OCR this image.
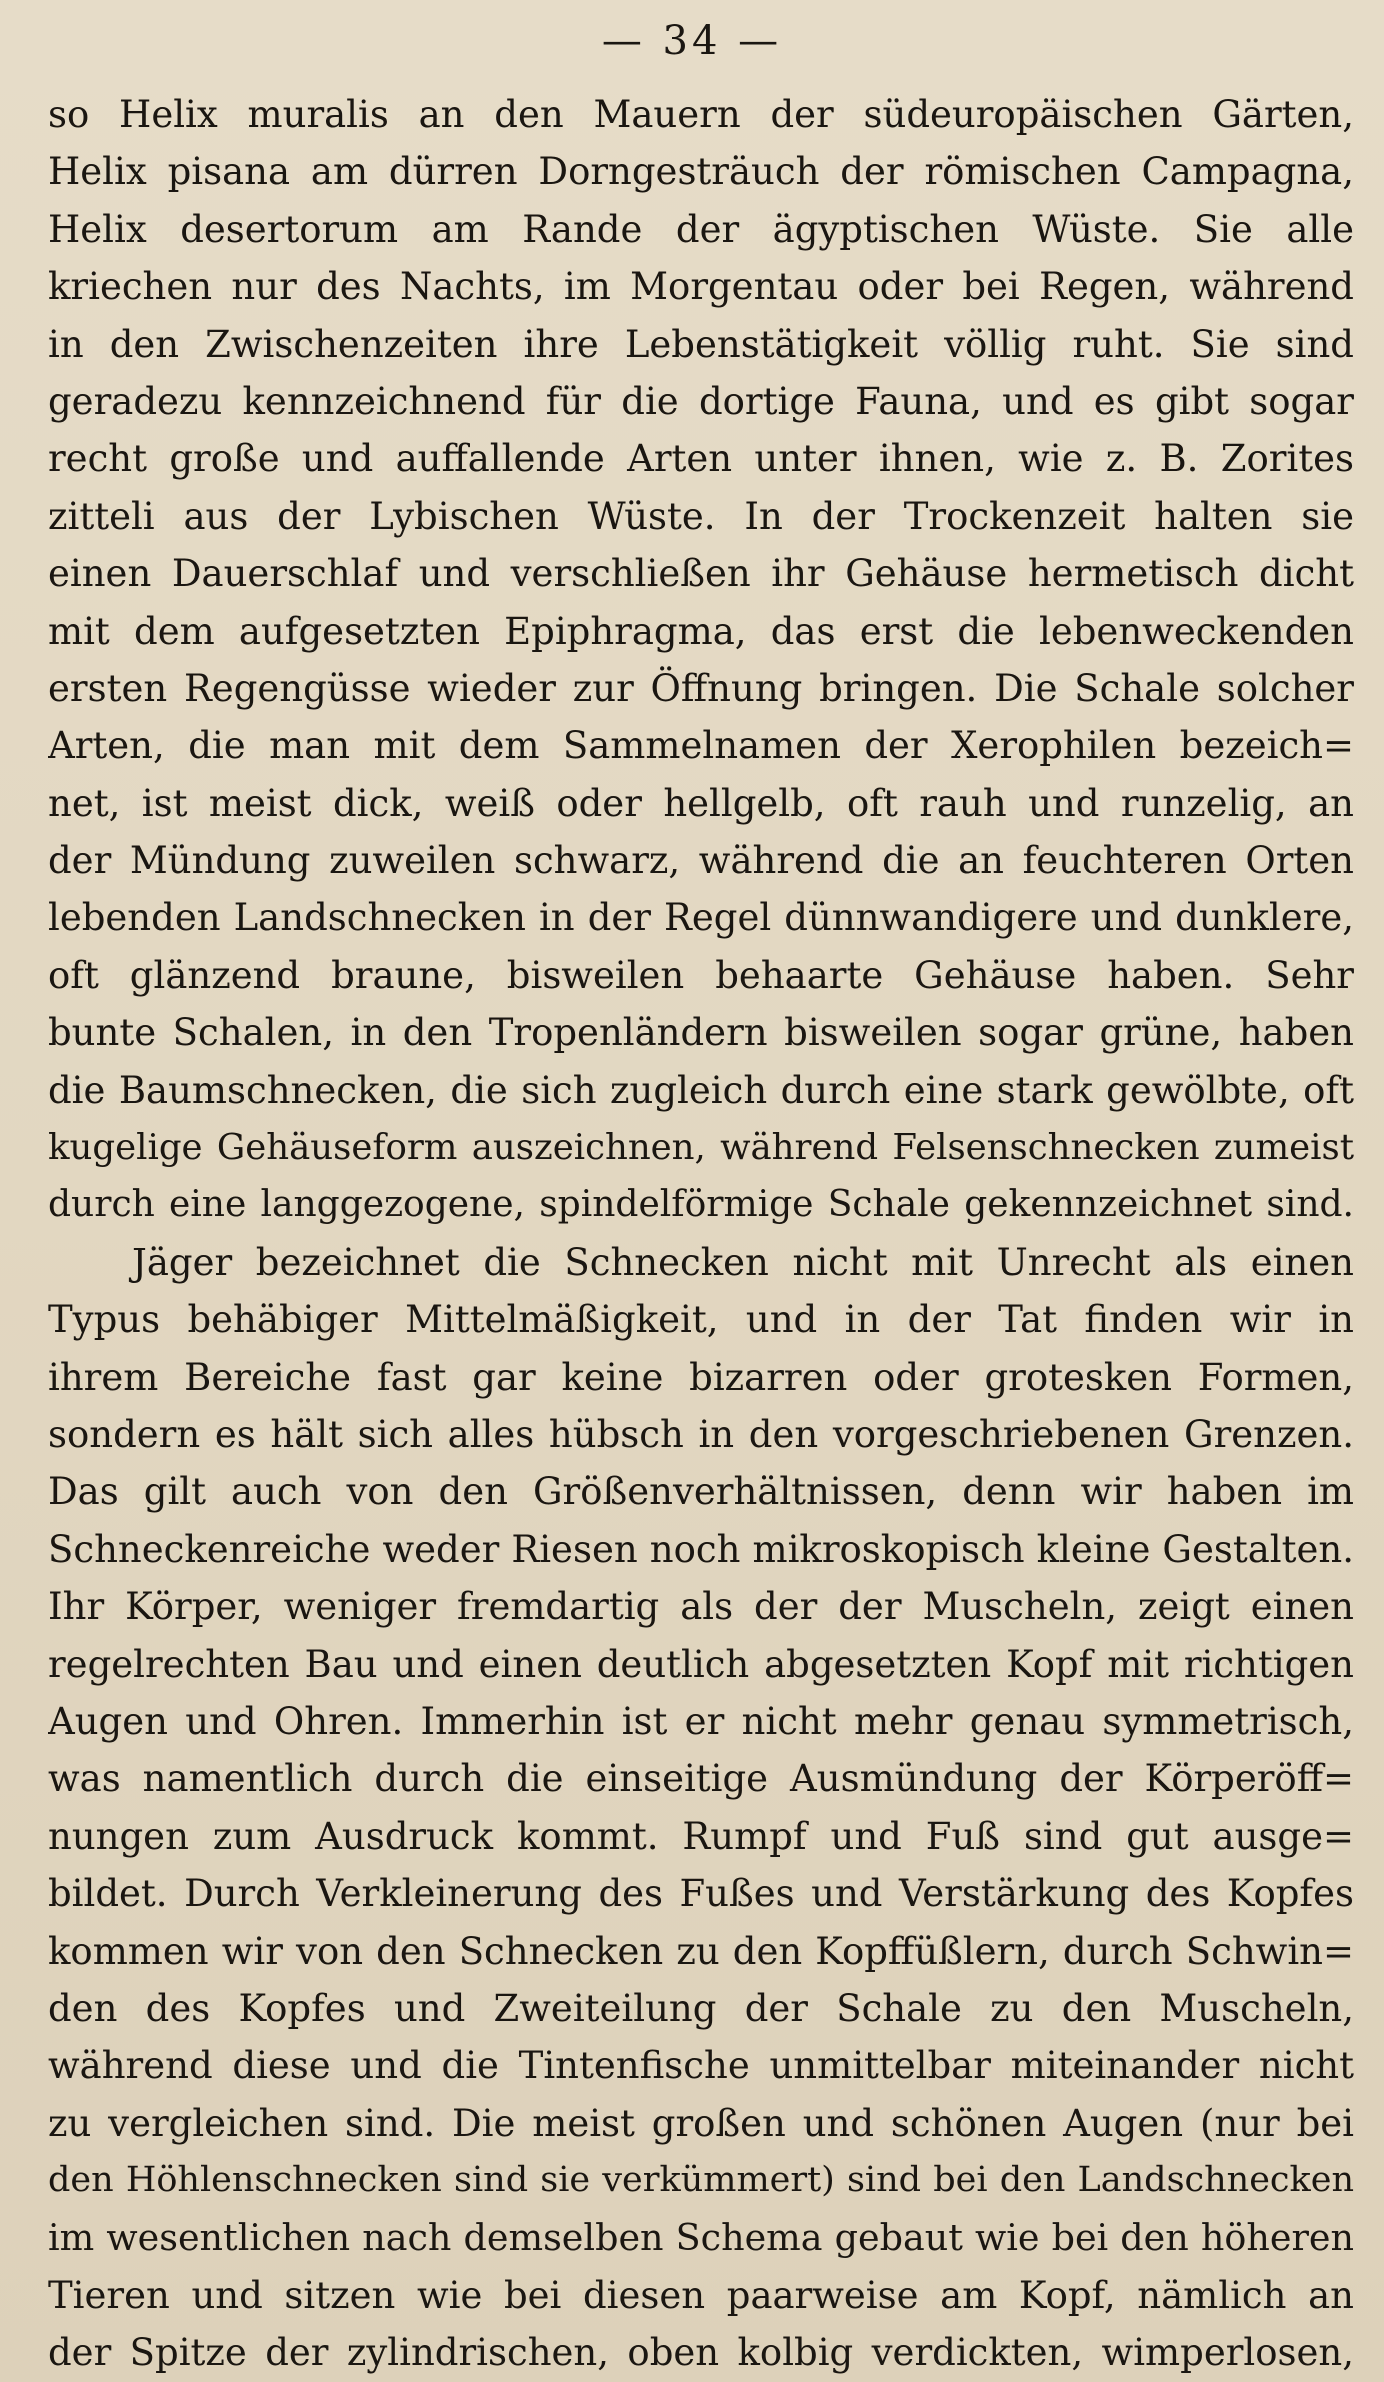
— 34 —
so Helix muralis an den Mauern der südeuropäischen Gärten,
Helix pisana am dürren Dorngesträuch der römischen Campagna,
Helix desertorum am Rande der ägyptischen Wüste. Sie alle
kriechen nur des Nachts, im Morgentau oder bei Regen, während
in den Zwischenzeiten ihre Lebenstätigkeit völlig ruht. Sie sind
geradezu kennzeichnend für die dortige Fauna, und es gibt sogar
recht große und auffallende Arten unter ihnen, wie z. B. Zorites
zitteli aus der Lybischen Wüste. In der Trockenzeit halten sie
einen Dauerschlaf und verschließen ihr Gehäuse hermetisch dicht
mit dem aufgesetzten Epiphragma, das erst die lebenweckenden
ersten Regengüsse wieder zur Öffnung bringen. Die Schale solcher
Arten, die man mit dem Sammelnamen der Xerophilen bezeich=
net, ist meist dick, weiß oder hellgelb, oft rauh und runzelig, an
der Mündung zuweilen schwarz, während die an feuchteren Orten
lebenden Landschnecken in der Regel dünnwandigere und dunklere,
oft glänzend braune, bisweilen behaarte Gehäuse haben. Sehr
bunte Schalen, in den Tropenländern bisweilen sogar grüne, haben
die Baumschnecken, die sich zugleich durch eine stark gewölbte, oft
kugelige Gehäuseform auszeichnen, während Felsenschnecken zumeist
durch eine langgezogene, spindelförmige Schale gekennzeichnet sind.
Jäger bezeichnet die Schnecken nicht mit Unrecht als einen
Typus behäbiger Mittelmäßigkeit, und in der Tat finden wir in
ihrem Bereiche fast gar keine bizarren oder grotesken Formen,
sondern es hält sich alles hübsch in den vorgeschriebenen Grenzen.
Das gilt auch von den Größenverhältnissen, denn wir haben im
Schneckenreiche weder Riesen noch mikroskopisch kleine Gestalten.
Ihr Körper, weniger fremdartig als der der Muscheln, zeigt einen
regelrechten Bau und einen deutlich abgesetzten Kopf mit richtigen
Augen und Ohren. Immerhin ist er nicht mehr genau symmetrisch,
was namentlich durch die einseitige Ausmündung der Körperöff=
nungen zum Ausdruck kommt. Rumpf und Fuß sind gut ausge=
bildet. Durch Verkleinerung des Fußes und Verstärkung des Kopfes
kommen wir von den Schnecken zu den Kopffüßlern, durch Schwin=
den des Kopfes und Zweiteilung der Schale zu den Muscheln,
während diese und die Tintenfische unmittelbar miteinander nicht
zu vergleichen sind. Die meist großen und schönen Augen (nur bei
den Höhlenschnecken sind sie verkümmert) sind bei den Landschnecken
im wesentlichen nach demselben Schema gebaut wie bei den höheren
Tieren und sitzen wie bei diesen paarweise am Kopf, nämlich an
der Spitze der zylindrischen, oben kolbig verdickten, wimperlosen,
